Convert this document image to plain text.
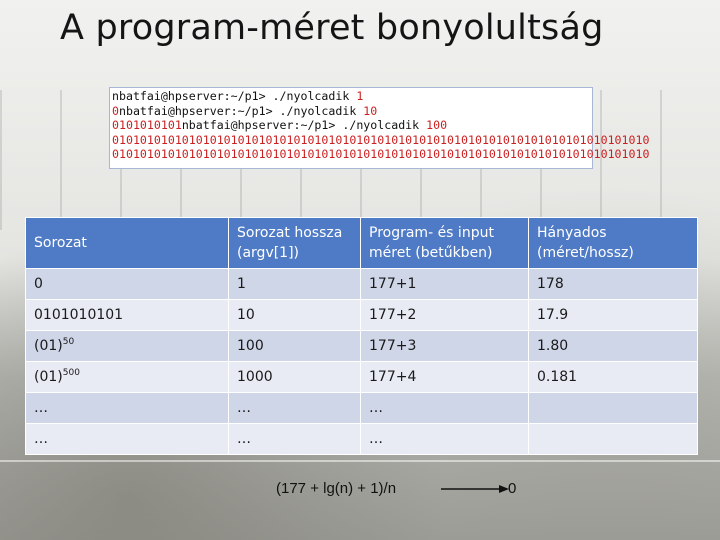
A program-méret bonyolultság
nbatfai@hpserver:~/p1> ./nyolcadik 1
0nbatfai@hpserver:~/p1> ./nyolcadik 10
0101010101nbatfai@hpserver:~/p1> ./nyolcadik 100
01010101010101010101010101010101010101010101010101010101010101010101010101010
01010101010101010101010101010101010101010101010101010101010101010101010101010
Sorozat	Sorozat hossza (argv[1])	Program- és input méret (betűkben)	Hányados (méret/hossz)
0	1	177+1	178
0101010101	10	177+2	17.9
$(01)^{50}$	100	177+3	1.80
$(01)^{500}$	1000	177+4	0.181
…	…	…	
…	…	…	
(177 + lg(n) + 1)/n	0
